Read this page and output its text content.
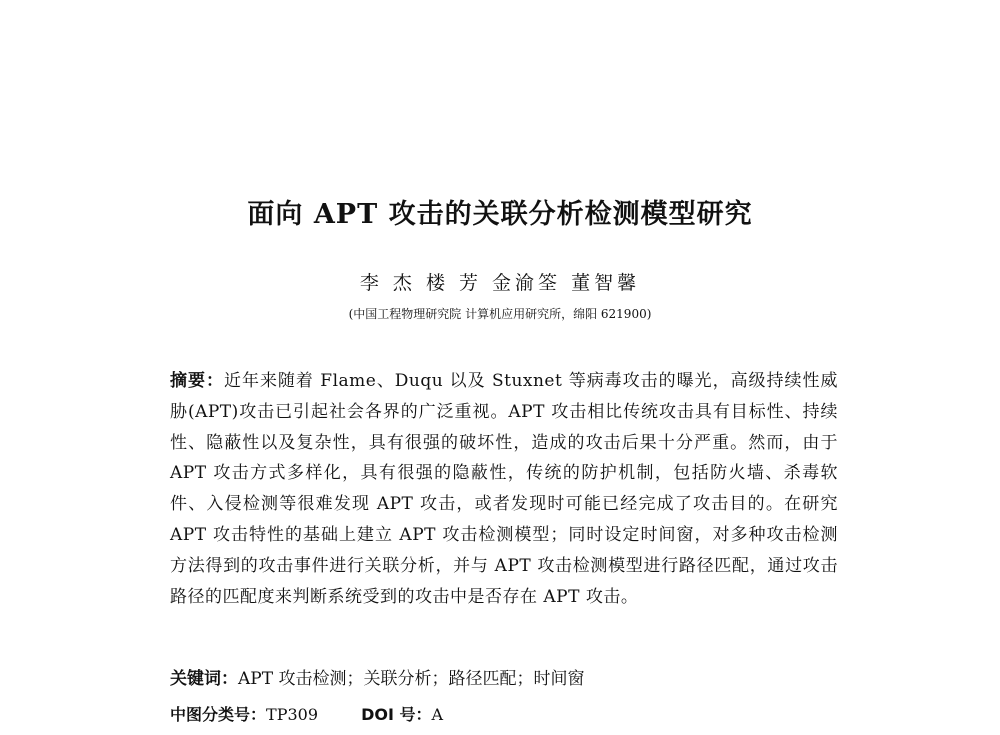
面向 APT 攻击的关联分析检测模型研究
李 杰 楼 芳 金渝筌 董智馨
(中国工程物理研究院 计算机应用研究所，绵阳 621900)
摘要：近年来随着 Flame、Duqu 以及 Stuxnet 等病毒攻击的曝光，高级持续性威胁(APT)攻击已引起社会各界的广泛重视。APT 攻击相比传统攻击具有目标性、持续性、隐蔽性以及复杂性，具有很强的破坏性，造成的攻击后果十分严重。然而，由于 APT 攻击方式多样化，具有很强的隐蔽性，传统的防护机制，包括防火墙、杀毒软件、入侵检测等很难发现 APT 攻击，或者发现时可能已经完成了攻击目的。在研究 APT 攻击特性的基础上建立 APT 攻击检测模型；同时设定时间窗，对多种攻击检测方法得到的攻击事件进行关联分析，并与 APT 攻击检测模型进行路径匹配，通过攻击路径的匹配度来判断系统受到的攻击中是否存在 APT 攻击。
关键词：APT 攻击检测；关联分析；路径匹配；时间窗
中图分类号：TP309	DOI 号：A
